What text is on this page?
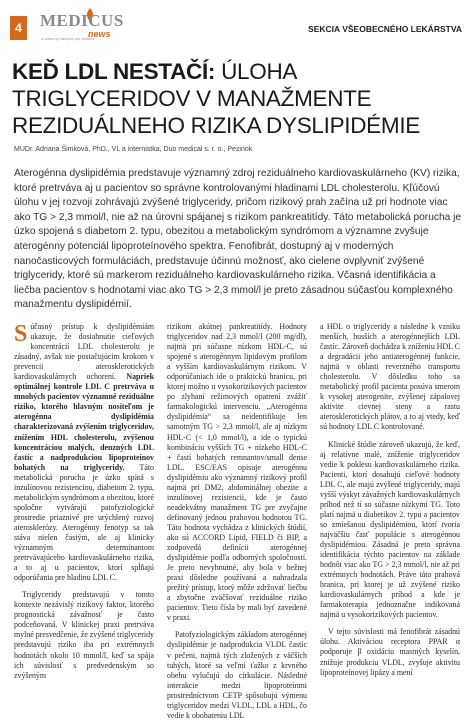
4	MEDICUS
news
a odborný časopis pre lekárov
SEKCIA VŠEOBECNÉHO LEKÁRSTVA
KEĎ LDL NESTAČÍ: ÚLOHA
TRIGLYCERIDOV V MANAŽMENTE
REZIDUÁLNEHO RIZIKA DYSLIPIDÉMIE
MUDr. Adriana Šimková, PhD., VL a internistka, Duo medical s. r. o., Pezinok

Aterogénna dyslipidémia predstavuje významný zdroj reziduálneho kardiovaskulárneho (KV) rizika, ktoré pretrváva aj u pacientov so správne kontrolovanými hladinami LDL cholesterolu. Kľúčovú úlohu v jej rozvoji zohrávajú zvýšené triglyceridy, pričom rizikový prah začína už pri hodnote viac ako TG > 2,3 mmol/l, nie až na úrovni spájanej s rizikom pankreatitídy. Táto metabolická porucha je úzko spojená s diabetom 2. typu, obezitou a metabolickým syndrómom a významne zvyšuje aterogénny potenciál lipoproteínového spektra. Fenofibrát, dostupný aj v moderných nanočasticových formuláciách, predstavuje účinnú možnosť, ako cielene ovplyvniť zvýšené triglyceridy, ktoré sú markerom reziduálneho kardiovaskulárneho rizika. Včasná identifikácia a liečba pacientov s hodnotami viac ako TG > 2,3 mmol/l je preto zásadnou súčasťou komplexného manažmentu dyslipidémií.

Súčasný prístup k dyslipidémiám ukazuje, že dosiahnutie cieľových koncentrácií LDL cholesterolu je zásadný, avšak nie postačujúcim krokom v prevencii aterosklerotických kardiovaskulárnych ochorení. Napriek optimálnej kontrole LDL C pretrváva u mnohých pacientov významné reziduálne riziko, ktorého hlavným nositeľom je aterogénna dyslipidémia charakterizovaná zvýšením triglyceridov, znížením HDL cholesterolu, zvýšenou koncentráciou malých, denzných LDL častíc a nadprodukciou lipoproteínov bohatých na triglyceridy. Táto metabolická porucha je úzko spätá s inzulínovou rezistenciou, diabetom 2. typu, metabolickým syndrómom a obezitou, ktoré spoločne vytvárajú patofyziologické prostredie priaznivé pre urýchlený rozvoj aterosklerózy. Aterogénny fenotyp sa tak stáva nielen častým, ale aj klinicky významným determinantom pretrvávajúceho kardiovaskulárneho rizika, a to aj u pacientov, ktorí spĺňajú odporúčania pre hladinu LDL C.

Triglyceridy predstavujú v tomto kontexte nezávislý rizikový faktor, ktorého prognostická závažnosť je často podceňovaná. V klinickej praxi pretrváva mylné presvedčenie, že zvýšené triglyceridy predstavujú riziko iba pri extrémnych hodnotách okolo 10 mmol/l, keď sa spája ich súvislosť s predvedenským so zvýšeným

rizikom akútnej pankreatitídy. Hodnoty triglyceridov nad 2,3 mmol/l (200 mg/dl), najmä pri súčasne nízkom HDL-C, sú spojené s aterogénnym lipidovým profilom a vyšším kardiovaskulárnym rizikom. V odporúčaniach ide o praktickú hranicu, pri ktorej možno u vysokorizikových pacientov po zlyhaní režimových opatrení zvážiť farmakologickú intervenciu. „Aterogénna dyslipidémia“ sa neidentifikuje len samotným TG > 2,3 mmol/l, ale aj nízkym HDL-C (< 1,0 mmol/l), a ide o typickú kombináciu vyšších TG + nízkeho HDL-C + častí bohatých remnantov/small dense LDL. ESC/EAS opisuje aterogénnu dyslipidémiu ako významný rizikový profil najmä pri DM2, abdominálnej obezite a inzulínovej rezistencii, kde je často neadekvátny manažment TG pre zvyčajne definovaný jednou prahovou hodnotou TG. Táto hodnota vychádza z klinických štúdií, ako sú ACCORD Lipid, FIELD či BIP, a zodpovedá definícii aterogénnej dyslipidémie podľa odborných spoločností. Je preto nevyhnutné, aby bola v bežnej praxi dôsledne používaná a nahradzala prežitý prístup, ktorý môže zdržovať liečbu a zbytočne zväčšovať reziduálne riziko pacientov. Tieto čísla by mali byť zavedené v praxi.

Patofyziologickým základom aterogénnej dyslipidémie je nadprodukcia VLDL častíc v pečeni, najmä tých zložených z väčších tuhých, ktoré sa veľmi ťažko z krvného obehu vylučujú do cirkulácie. Následné interakcie medzi lipoproteínmi prostredníctvom CETP spôsobujú výmenu triglyceridov medzi VLDL, LDL a HDL, čo vedie k obohateniu LDL

a HDL o triglyceridy a následne k vzniku menších, husších a aterogénnejších LDL častíc. Zároveň dochádza k zníženiu HDL C a degradácii jeho antiaterogénnej funkcie, najmä v oblasti reverzného transportu cholesterolu. V dôsledku toho sa metabolický profil pacienta posúva smerom k vysokej aterogenite, zvýšenej zápalovej aktivite cievnej steny a rastu aterosklerotických plátov, a to aj vtedy, keď sú hodnoty LDL C kontrolované.

Klinické štúdie zároveň ukazujú, že keď, aj relatívne malé, zníženie triglyceridov vedie k poklesu kardiovaskulárneho rizika. Pacienti, ktorí dosahujú cieľové hodnoty LDL C, ale majú zvýšené triglyceridy, majú vyšší výskyt závažných kardiovaskulárnych príhod než tí so súčasne nízkymi TG. Toto platí najmä u diabetikov 2. typu a pacientov so zmiešanou dyslipidémiou, ktorí tvoria najväčšiu časť populácie s aterogénnou dyslipidémiou. Zásadná je preto správna identifikácia týchto pacientov na základe hodnôt viac ako TG > 2,3 mmol/l, nie až pri extrémnych hodnotách. Práve táto prahová hranica, pri ktorej je už zvýšené riziko kardiovaskulárnych príhod a kde je farmakoterapia jednoznačne indikovaná najmä u vysokorizikových pacientov.

V tejto súvislosti má fenofibrát zásadnú úlohu. Aktiváciou receptora PPAR α podporuje β oxidáciu mastných kyselín, znižuje produkciu VLDL, zvyšuje aktivitu lipoproteínovej lipázy a mení
